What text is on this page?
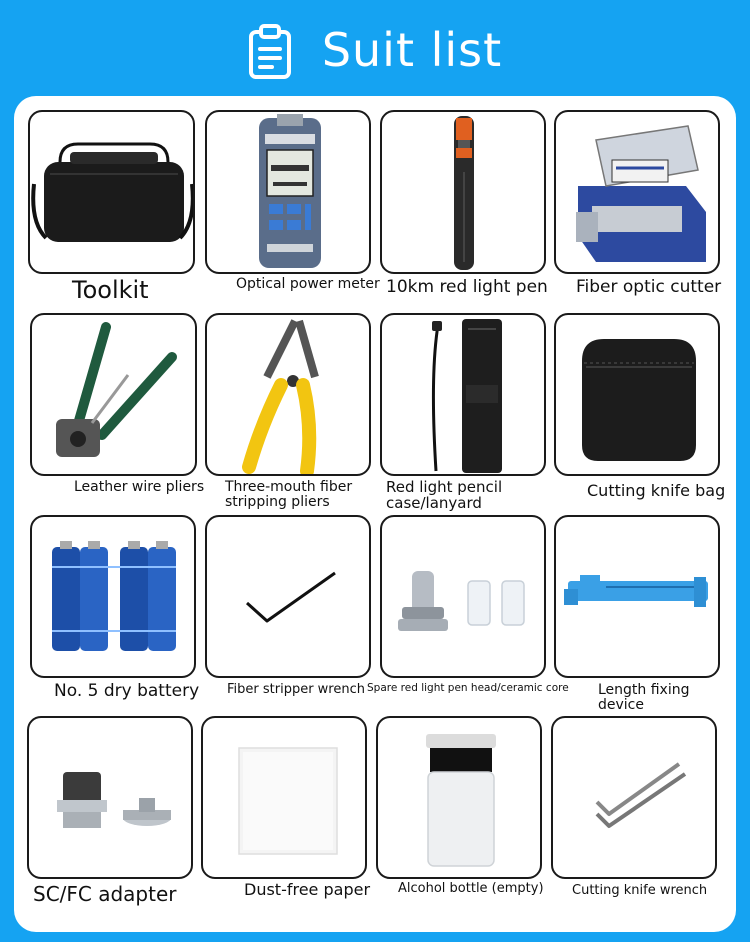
Suit list
Toolkit	Optical power meter 10km red light pen Fiber optic cutter
Leather wire pliers Three-mouth fiber
stripping pliers
Red light pencil
case/lanyard
Cutting knife bag
No. 5 dry battery Fiber stripper wrench Spare red light pen head/ceramic core Length fixing
device
SC/FC adapter	Dust-free paper Alcohol bottle (empty) Cutting knife wrench
